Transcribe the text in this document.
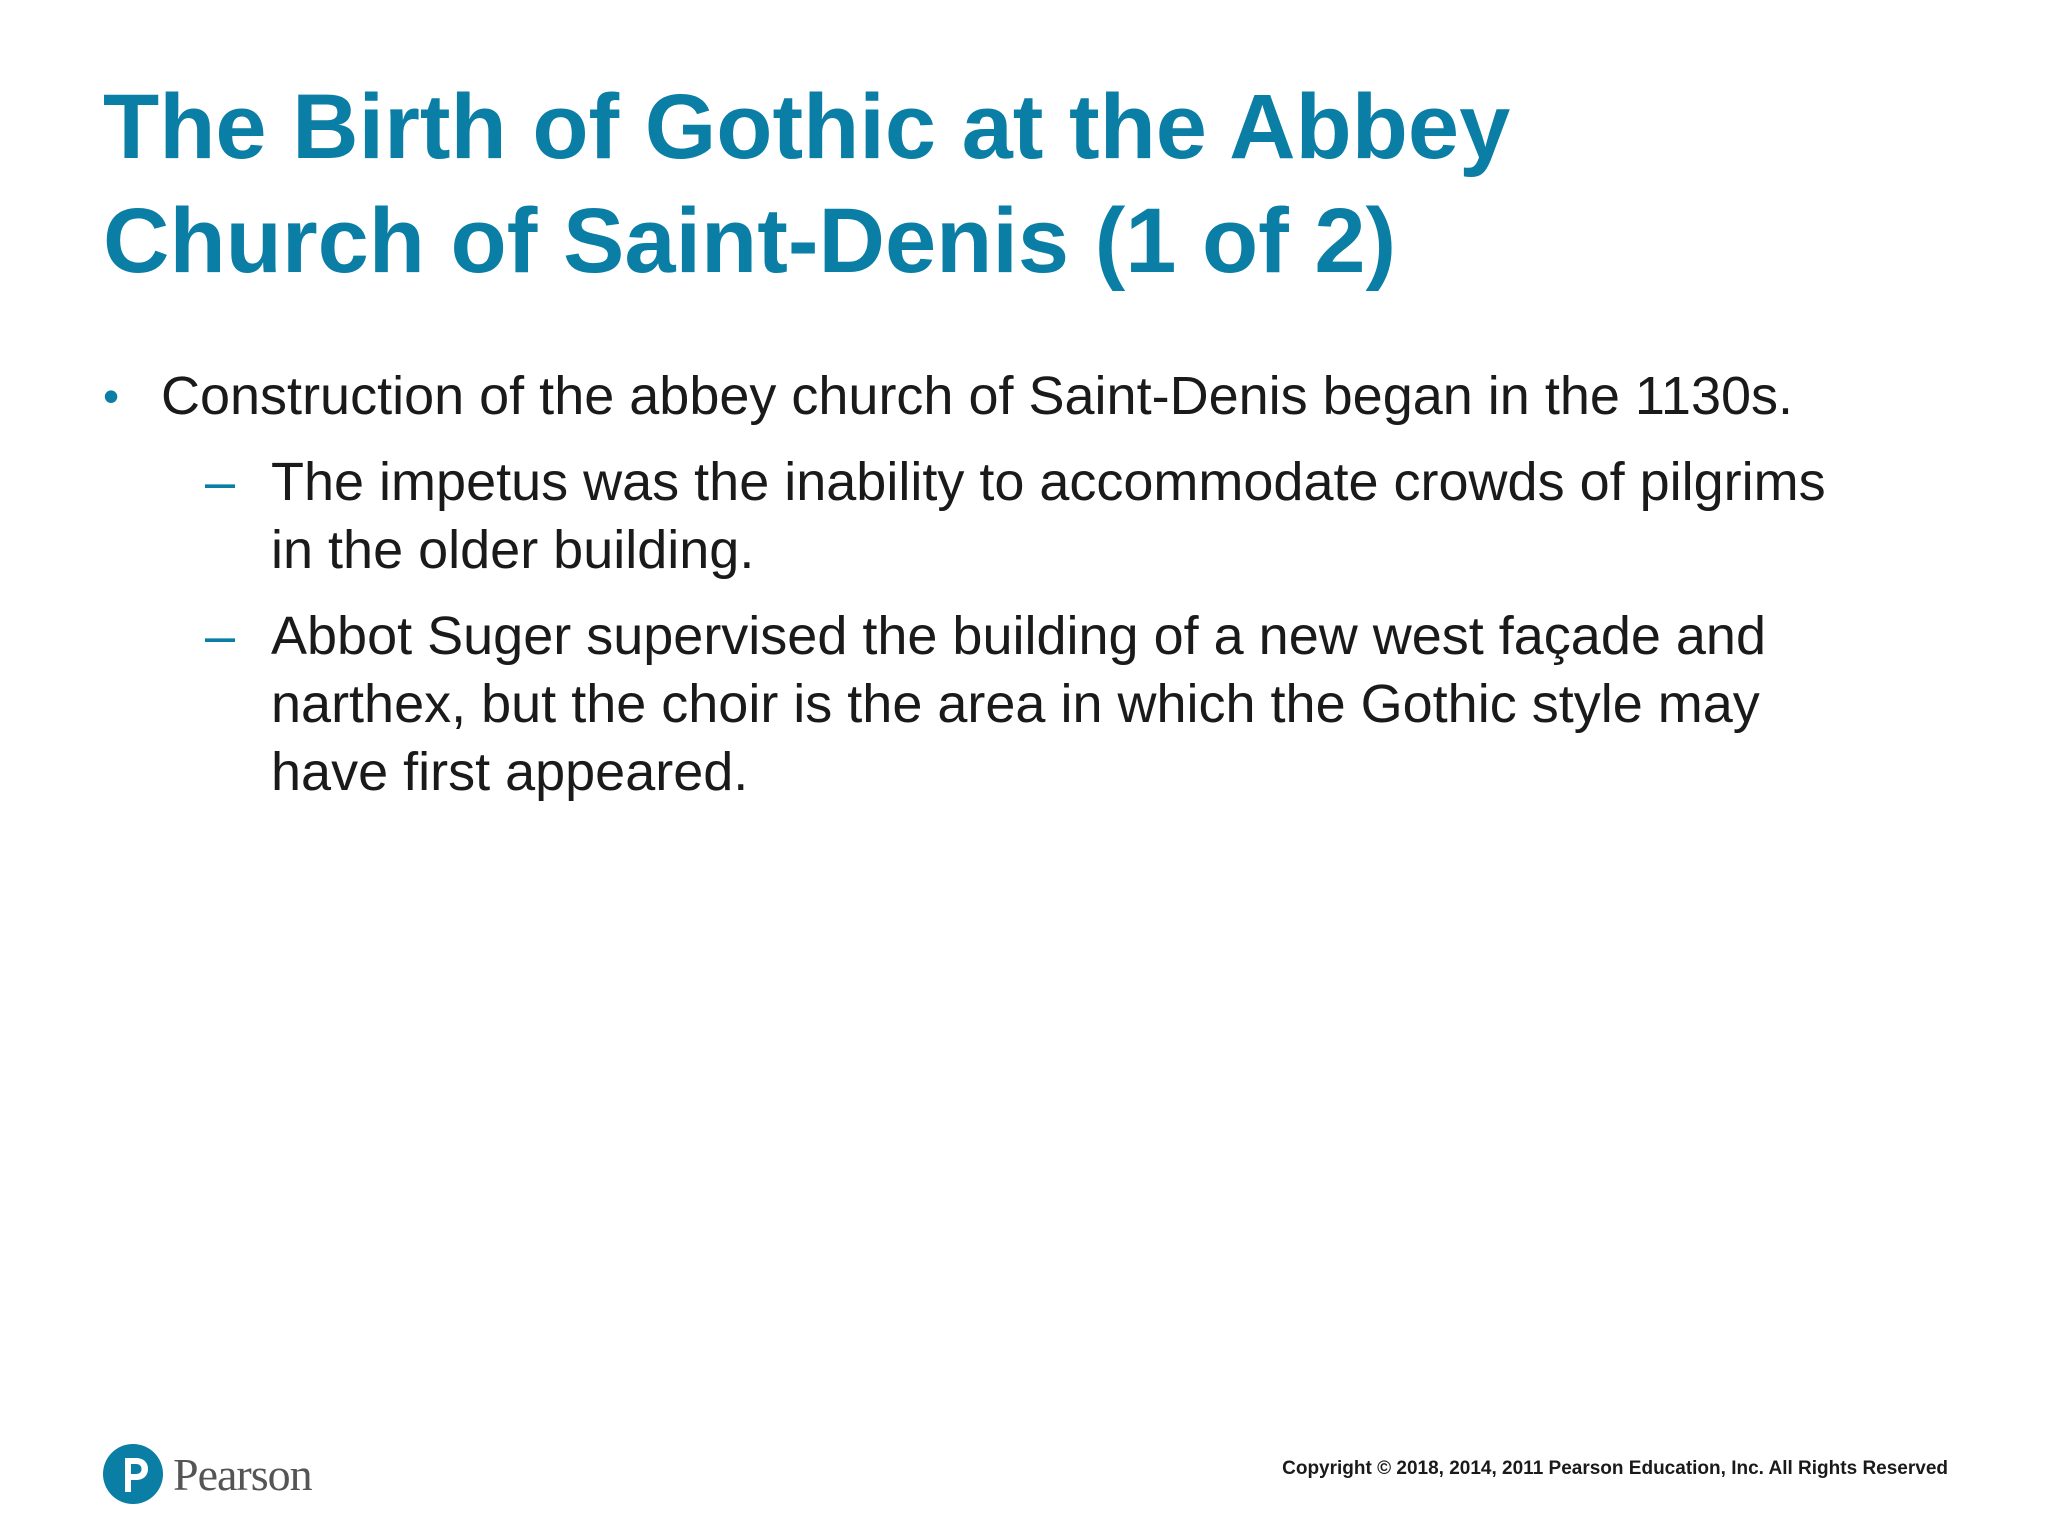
The Birth of Gothic at the Abbey
Church of Saint-Denis (1 of 2)
• Construction of the abbey church of Saint-Denis began in the 1130s.
– The impetus was the inability to accommodate crowds of pilgrims
in the older building.
– Abbot Suger supervised the building of a new west façade and
narthex, but the choir is the area in which the Gothic style may
have first appeared.
Pearson	Copyright © 2018, 2014, 2011 Pearson Education, Inc. All Rights Reserved
